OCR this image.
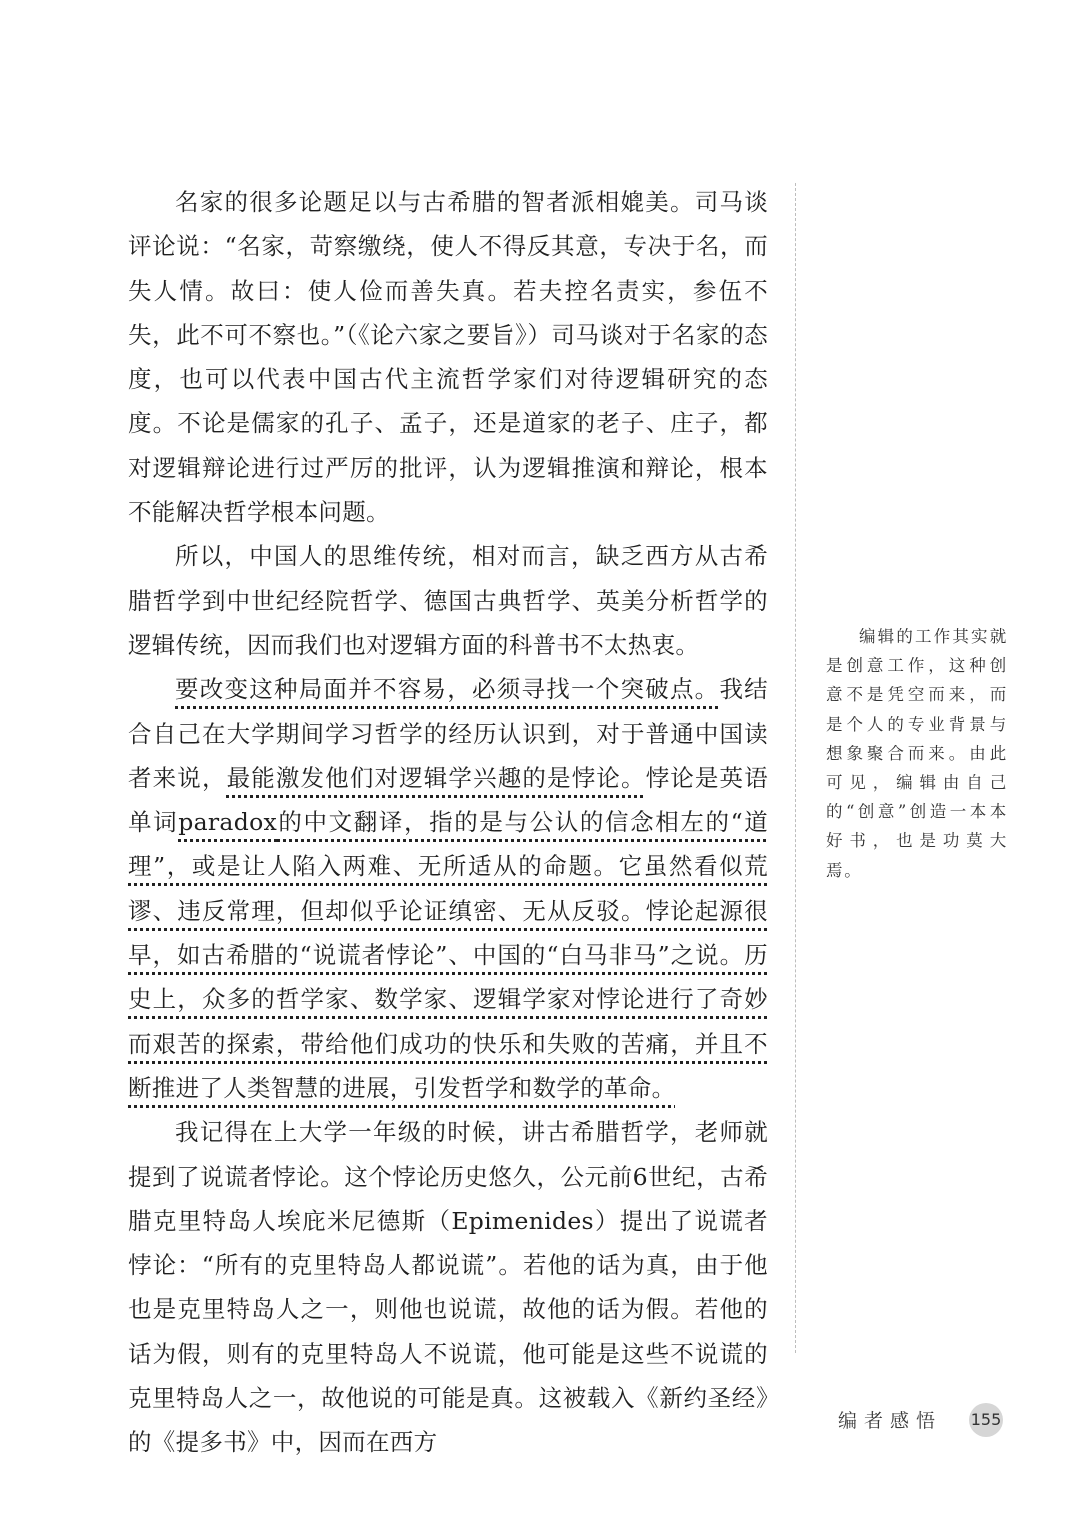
名家的很多论题足以与古希腊的智者派相媲美。司马谈评论说：“名家，苛察缴绕，使人不得反其意，专决于名，而失人情。故曰：使人俭而善失真。若夫控名责实，参伍不失，此不可不察也。”（《论六家之要旨》）司马谈对于名家的态度，也可以代表中国古代主流哲学家们对待逻辑研究的态度。不论是儒家的孔子、孟子，还是道家的老子、庄子，都对逻辑辩论进行过严厉的批评，认为逻辑推演和辩论，根本不能解决哲学根本问题。

所以，中国人的思维传统，相对而言，缺乏西方从古希腊哲学到中世纪经院哲学、德国古典哲学、英美分析哲学的逻辑传统，因而我们也对逻辑方面的科普书不太热衷。

要改变这种局面并不容易，必须寻找一个突破点。我结合自己在大学期间学习哲学的经历认识到，对于普通中国读者来说，最能激发他们对逻辑学兴趣的是悖论。悖论是英语单词paradox的中文翻译，指的是与公认的信念相左的“道理”，或是让人陷入两难、无所适从的命题。它虽然看似荒谬、违反常理，但却似乎论证缜密、无从反驳。悖论起源很早，如古希腊的“说谎者悖论”、中国的“白马非马”之说。历史上，众多的哲学家、数学家、逻辑学家对悖论进行了奇妙而艰苦的探索，带给他们成功的快乐和失败的苦痛，并且不断推进了人类智慧的进展，引发哲学和数学的革命。

我记得在上大学一年级的时候，讲古希腊哲学，老师就提到了说谎者悖论。这个悖论历史悠久，公元前6世纪，古希腊克里特岛人埃庇米尼德斯（Epimenides）提出了说谎者悖论：“所有的克里特岛人都说谎”。若他的话为真，由于他也是克里特岛人之一，则他也说谎，故他的话为假。若他的话为假，则有的克里特岛人不说谎，他可能是这些不说谎的克里特岛人之一，故他说的可能是真。这被载入《新约圣经》的《提多书》中，因而在西方

编辑的工作其实就是创意工作，这种创意不是凭空而来，而是个人的专业背景与想象聚合而来。由此可见，编辑由自己的“创意”创造一本本好书，也是功莫大焉。

编者感悟 155
